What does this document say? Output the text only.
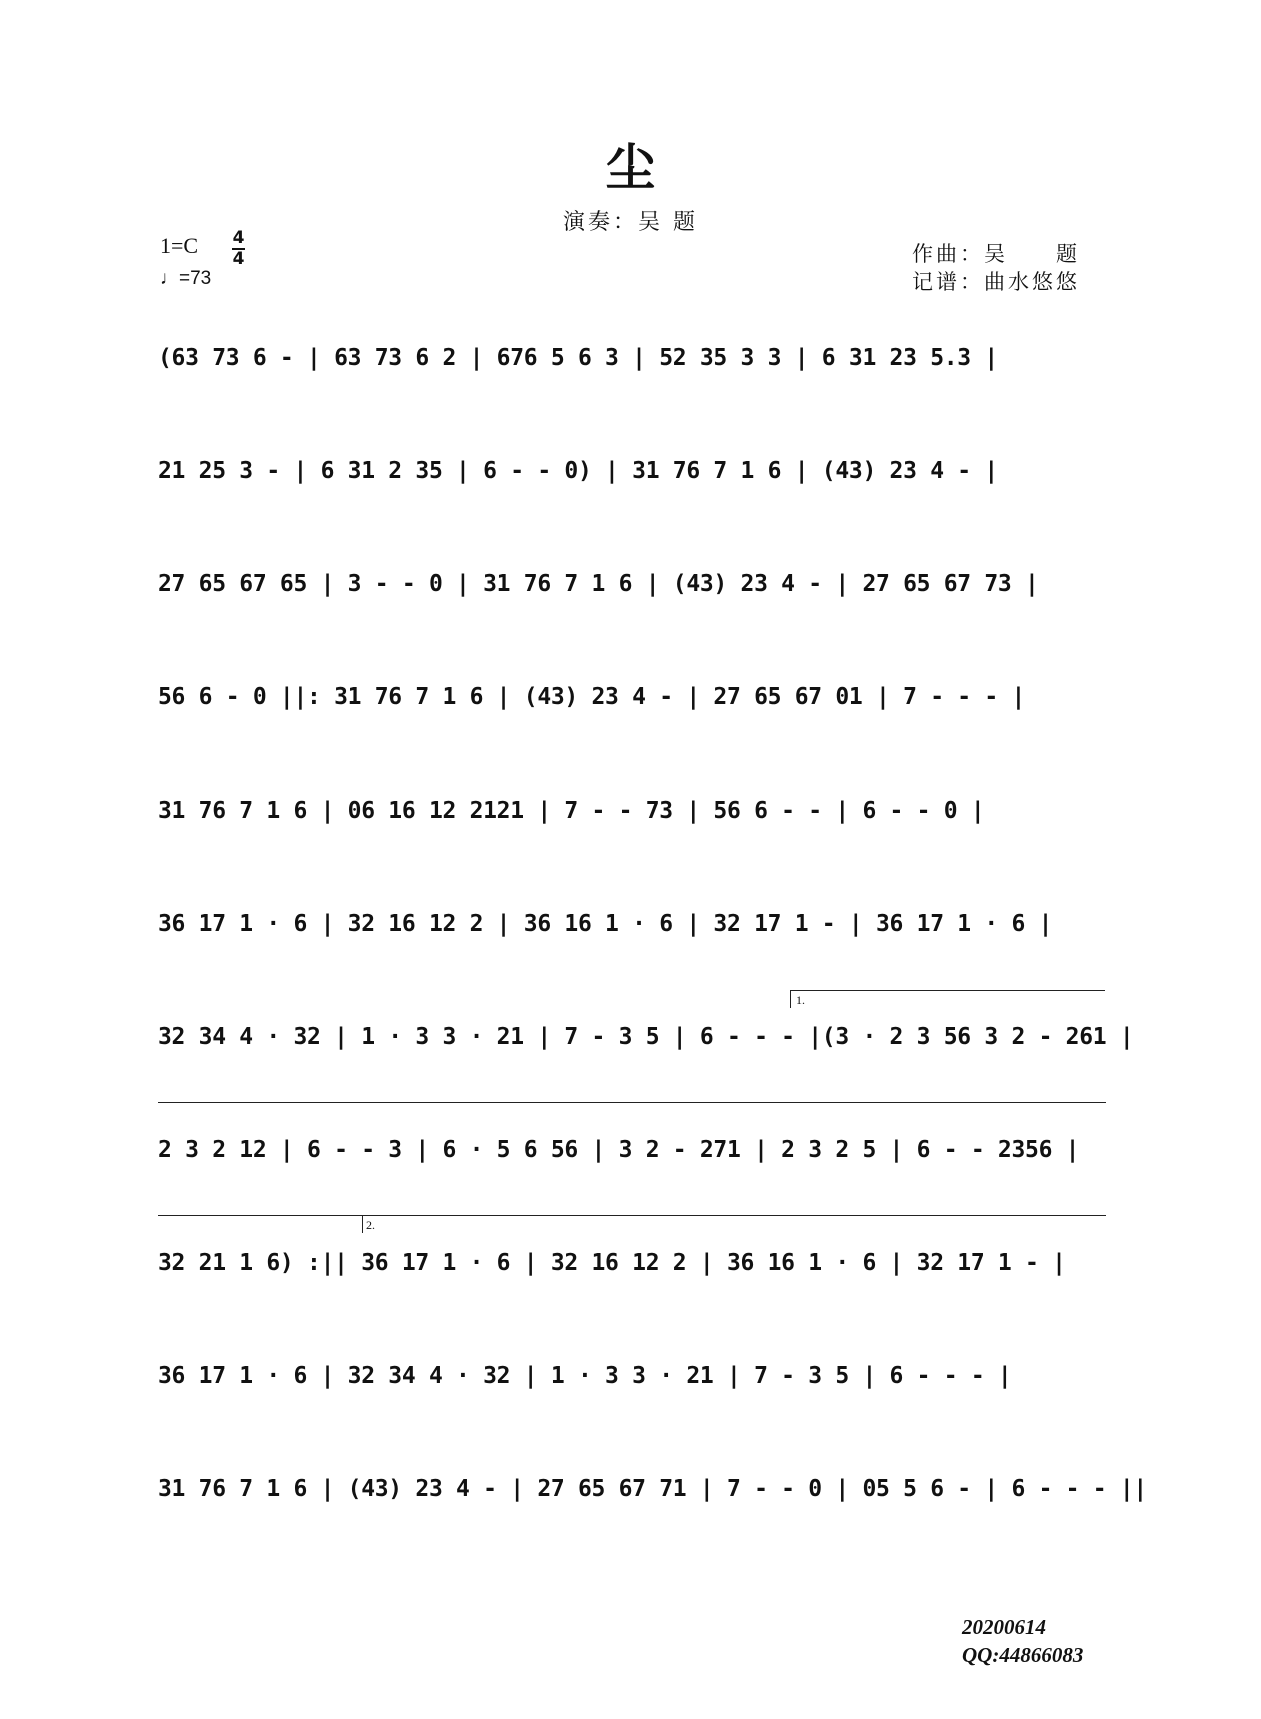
尘
演奏：吴 题
1=C 4
4
♩=73
作曲：吴　　题
记谱：曲水悠悠
(63 73 6 - | 63 73 6 2 | 676 5 6 3 | 52 35 3 3 | 6 31 23 5.3 |
21 25 3 - | 6 31 2 35 | 6 - - 0) | 31 76 7 1 6 | (43) 23 4 - |
27 65 67 65 | 3 - - 0 | 31 76 7 1 6 | (43) 23 4 - | 27 65 67 73 |
56 6 - 0 ||: 31 76 7 1 6 | (43) 23 4 - | 27 65 67 01 | 7 - - - |
31 76 7 1 6 | 06 16 12 2121 | 7 - - 73 | 56 6 - - | 6 - - 0 |
36 17 1 · 6 | 32 16 12 2 | 36 16 1 · 6 | 32 17 1 - | 36 17 1 · 6 |
32 34 4 · 32 | 1 · 3 3 · 21 | 7 - 3 5 | 6 - - - |(3 · 2 3 56 3 2 - 261 |
2 3 2 12 | 6 - - 3 | 6 · 5 6 56 | 3 2 - 271 | 2 3 2 5 | 6 - - 2356 |
32 21 1 6) :|| 36 17 1 · 6 | 32 16 12 2 | 36 16 1 · 6 | 32 17 1 - |
36 17 1 · 6 | 32 34 4 · 32 | 1 · 3 3 · 21 | 7 - 3 5 | 6 - - - |
31 76 7 1 6 | (43) 23 4 - | 27 65 67 71 | 7 - - 0 | 05 5 6 - | 6 - - - ||
1.
2.
20200614
QQ:44866083
